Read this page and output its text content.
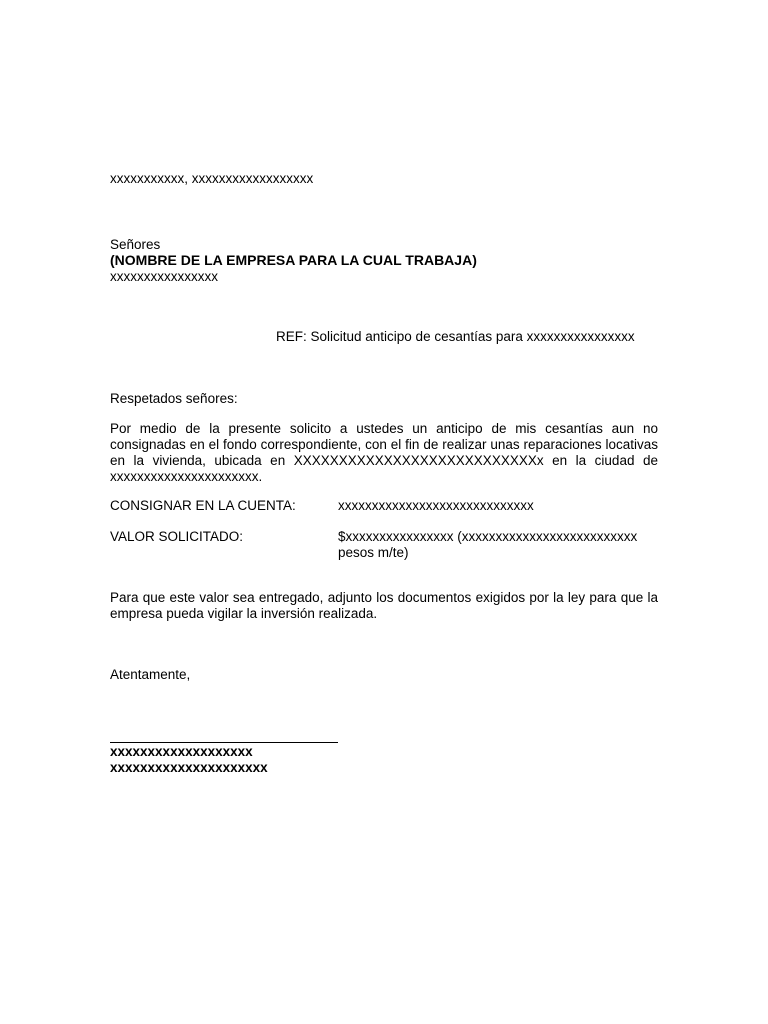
xxxxxxxxxxx, xxxxxxxxxxxxxxxxxx
Señores
(NOMBRE DE LA EMPRESA PARA LA CUAL TRABAJA)
xxxxxxxxxxxxxxxx
REF: Solicitud anticipo de cesantías para xxxxxxxxxxxxxxxx
Respetados señores:
Por medio de la presente solicito a ustedes un anticipo de mis cesantías aun no consignadas en el fondo correspondiente, con el fin de realizar unas reparaciones locativas en la vivienda, ubicada en XXXXXXXXXXXXXXXXXXXXXXXXXXXx en la ciudad de xxxxxxxxxxxxxxxxxxxxxx.
CONSIGNAR EN LA CUENTA:	xxxxxxxxxxxxxxxxxxxxxxxxxxxxx
VALOR SOLICITADO:	$xxxxxxxxxxxxxxxx (xxxxxxxxxxxxxxxxxxxxxxxxxx
pesos m/te)
Para que este valor sea entregado, adjunto los documentos exigidos por la ley para que la empresa pueda vigilar la inversión realizada.
Atentamente,
xxxxxxxxxxxxxxxxxxx
xxxxxxxxxxxxxxxxxxxxx
